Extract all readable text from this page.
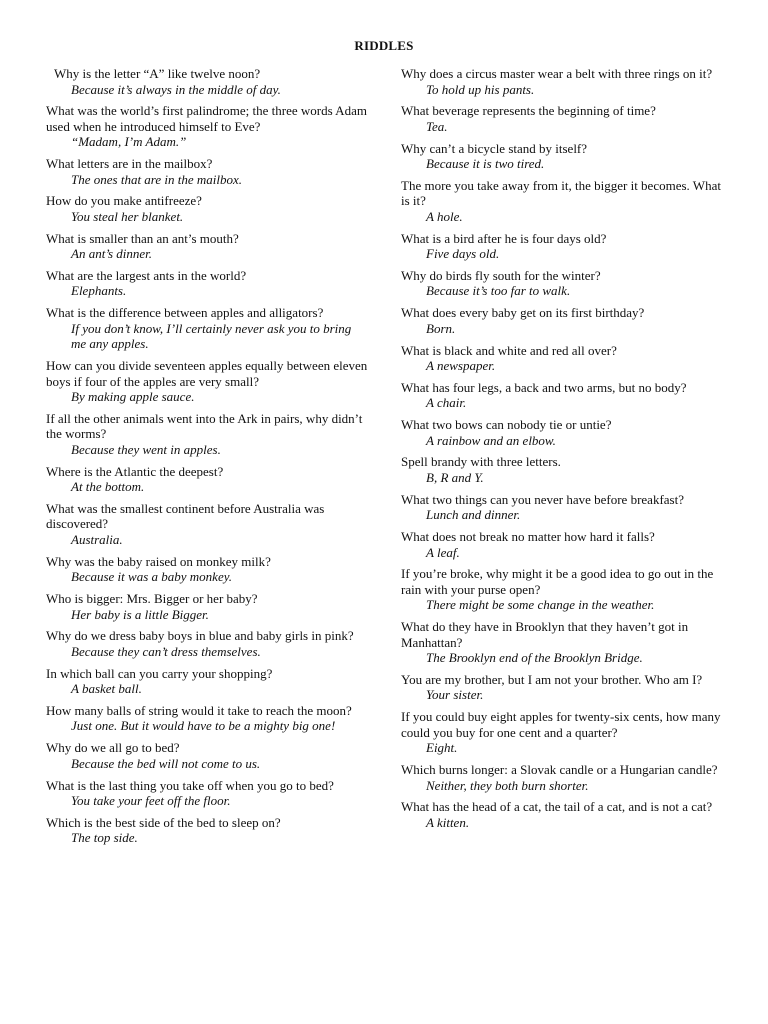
RIDDLES
Why is the letter “A” like twelve noon?
Because it’s always in the middle of day.
What was the world’s first palindrome; the three words Adam used when he introduced himself to Eve?
“Madam, I’m Adam.”
What letters are in the mailbox?
The ones that are in the mailbox.
How do you make antifreeze?
You steal her blanket.
What is smaller than an ant’s mouth?
An ant’s dinner.
What are the largest ants in the world?
Elephants.
What is the difference between apples and alligators?
If you don’t know, I’ll certainly never ask you to bring me any apples.
How can you divide seventeen apples equally between eleven boys if four of the apples are very small?
By making apple sauce.
If all the other animals went into the Ark in pairs, why didn’t the worms?
Because they went in apples.
Where is the Atlantic the deepest?
At the bottom.
What was the smallest continent before Australia was discovered?
Australia.
Why was the baby raised on monkey milk?
Because it was a baby monkey.
Who is bigger: Mrs. Bigger or her baby?
Her baby is a little Bigger.
Why do we dress baby boys in blue and baby girls in pink?
Because they can’t dress themselves.
In which ball can you carry your shopping?
A basket ball.
How many balls of string would it take to reach the moon?
Just one. But it would have to be a mighty big one!
Why do we all go to bed?
Because the bed will not come to us.
What is the last thing you take off when you go to bed?
You take your feet off the floor.
Which is the best side of the bed to sleep on?
The top side.
Why does a circus master wear a belt with three rings on it?
To hold up his pants.
What beverage represents the beginning of time?
Tea.
Why can’t a bicycle stand by itself?
Because it is two tired.
The more you take away from it, the bigger it becomes. What is it?
A hole.
What is a bird after he is four days old?
Five days old.
Why do birds fly south for the winter?
Because it’s too far to walk.
What does every baby get on its first birthday?
Born.
What is black and white and red all over?
A newspaper.
What has four legs, a back and two arms, but no body?
A chair.
What two bows can nobody tie or untie?
A rainbow and an elbow.
Spell brandy with three letters.
B, R and Y.
What two things can you never have before breakfast?
Lunch and dinner.
What does not break no matter how hard it falls?
A leaf.
If you’re broke, why might it be a good idea to go out in the rain with your purse open?
There might be some change in the weather.
What do they have in Brooklyn that they haven’t got in Manhattan?
The Brooklyn end of the Brooklyn Bridge.
You are my brother, but I am not your brother. Who am I?
Your sister.
If you could buy eight apples for twenty-six cents, how many could you buy for one cent and a quarter?
Eight.
Which burns longer: a Slovak candle or a Hungarian candle?
Neither, they both burn shorter.
What has the head of a cat, the tail of a cat, and is not a cat?
A kitten.
